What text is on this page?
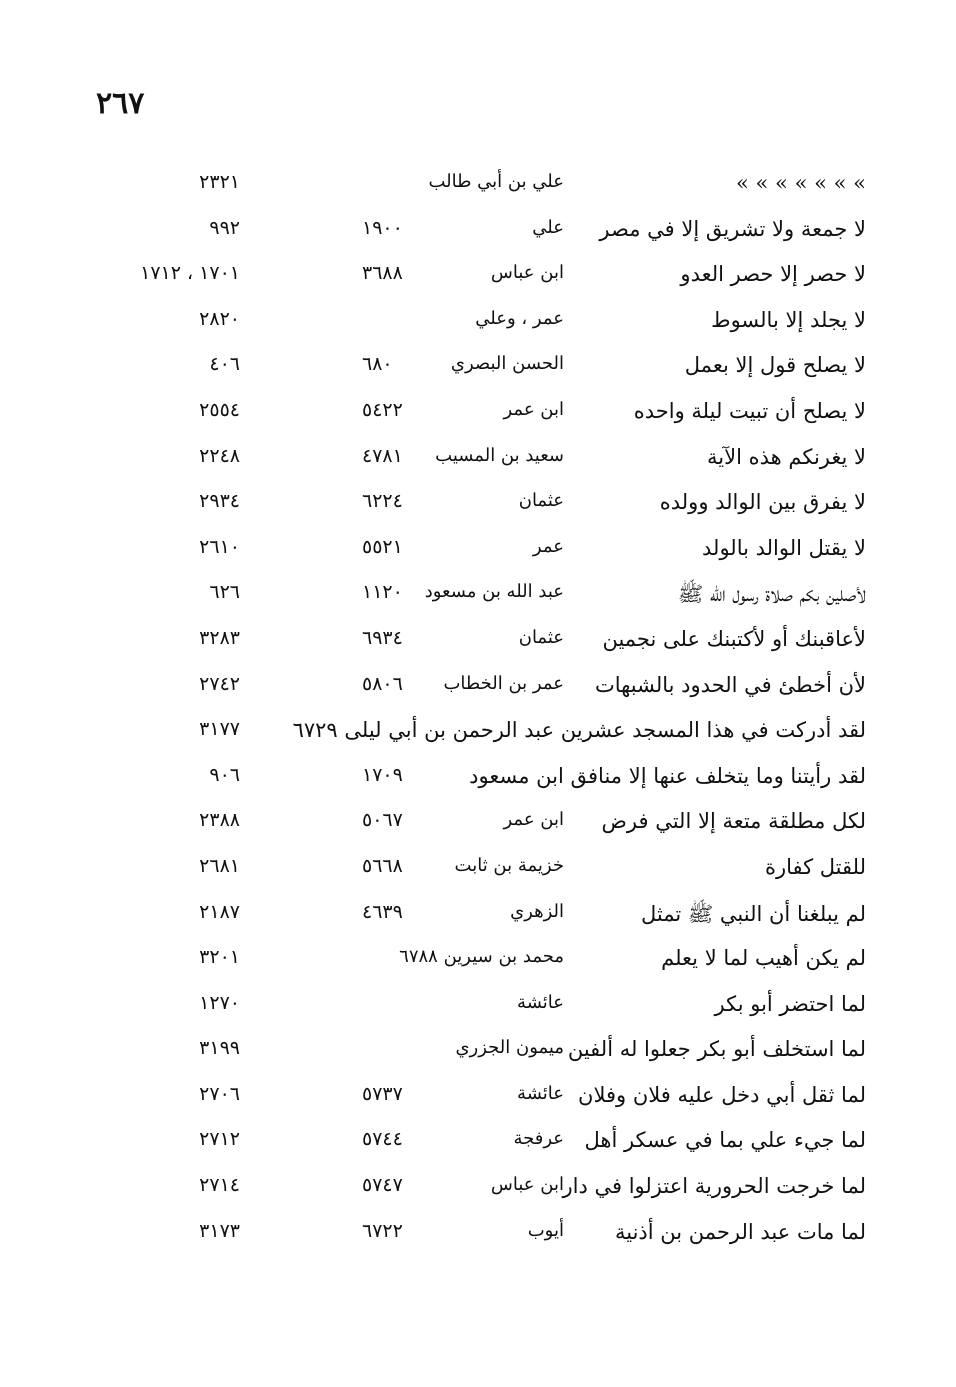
٢٦٧
» » » » » » »
علي بن أبي طالب
٢٣٢١
لا جمعة ولا تشريق إلا في مصر
علي
١٩٠٠
٩٩٢
لا حصر إلا حصر العدو
ابن عباس
٣٦٨٨
١٧٠١ ، ١٧١٢
لا يجلد إلا بالسوط
عمر ، وعلي
٢٨٢٠
لا يصلح قول إلا بعمل
الحسن البصري
٦٨٠
٤٠٦
لا يصلح أن تبيت ليلة واحده
ابن عمر
٥٤٢٢
٢٥٥٤
لا يغرنكم هذه الآية
سعيد بن المسيب
٤٧٨١
٢٢٤٨
لا يفرق بين الوالد وولده
عثمان
٦٢٢٤
٢٩٣٤
لا يقتل الوالد بالولد
عمر
٥٥٢١
٢٦١٠
لأصلين بكم صلاة رسول الله ﷺ
عبد الله بن مسعود
١١٢٠
٦٢٦
لأعاقبنك أو لأكتبنك على نجمين
عثمان
٦٩٣٤
٣٢٨٣
لأن أخطئ في الحدود بالشبهات
عمر بن الخطاب
٥٨٠٦
٢٧٤٢
لقد أدركت في هذا المسجد عشرين عبد الرحمن بن أبي ليلى ٦٧٢٩
٣١٧٧
لقد رأيتنا وما يتخلف عنها إلا منافق ابن مسعود
١٧٠٩
٩٠٦
لكل مطلقة متعة إلا التي فرض
ابن عمر
٥٠٦٧
٢٣٨٨
للقتل كفارة
خزيمة بن ثابت
٥٦٦٨
٢٦٨١
لم يبلغنا أن النبي ﷺ تمثل
الزهري
٤٦٣٩
٢١٨٧
لم يكن أهيب لما لا يعلم
محمد بن سيرين ٦٧٨٨
٣٢٠١
لما احتضر أبو بكر
عائشة
١٢٧٠
لما استخلف أبو بكر جعلوا له ألفين
ميمون الجزري
٣١٩٩
لما ثقل أبي دخل عليه فلان وفلان
عائشة
٥٧٣٧
٢٧٠٦
لما جيء علي بما في عسكر أهل
عرفجة
٥٧٤٤
٢٧١٢
لما خرجت الحرورية اعتزلوا في دار
ابن عباس
٥٧٤٧
٢٧١٤
لما مات عبد الرحمن بن أذنية
أيوب
٦٧٢٢
٣١٧٣
